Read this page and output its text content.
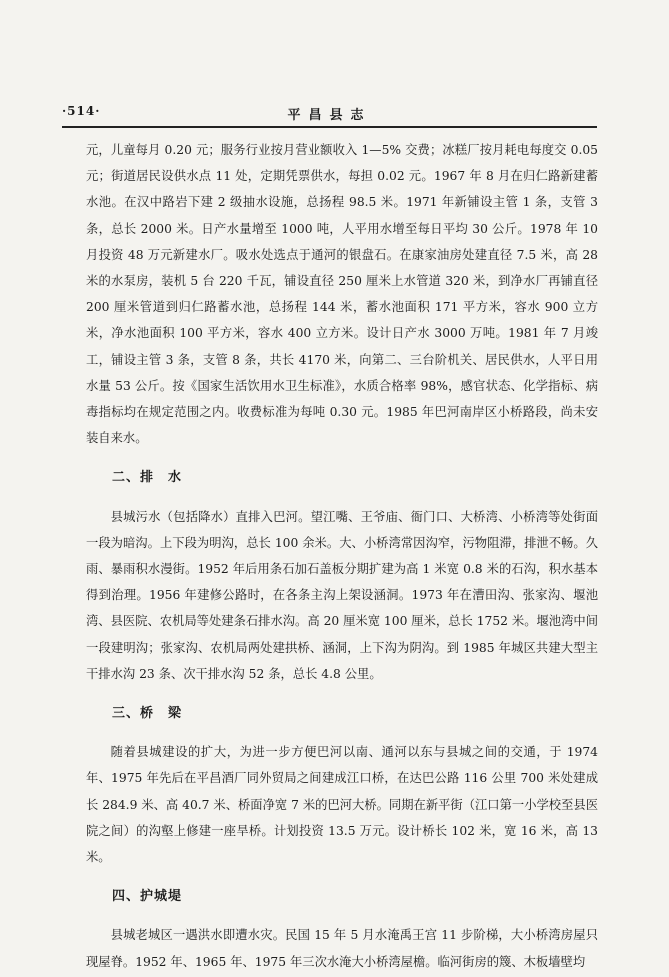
·514·	平昌县志

元，儿童每月 0.20 元；服务行业按月营业额收入 1—5% 交费；冰糕厂按月耗电每度交 0.05 元；街道居民设供水点 11 处，定期凭票供水，每担 0.02 元。1967 年 8 月在归仁路新建蓄水池。在汉中路岩下建 2 级抽水设施，总扬程 98.5 米。1971 年新铺设主管 1 条，支管 3 条，总长 2000 米。日产水量增至 1000 吨，人平用水增至每日平均 30 公斤。1978 年 10 月投资 48 万元新建水厂。吸水处选点于通河的银盘石。在康家油房处建直径 7.5 米，高 28 米的水泵房，装机 5 台 220 千瓦，铺设直径 250 厘米上水管道 320 米，到净水厂再铺直径 200 厘米管道到归仁路蓄水池，总扬程 144 米，蓄水池面积 171 平方米，容水 900 立方米，净水池面积 100 平方米，容水 400 立方米。设计日产水 3000 万吨。1981 年 7 月竣工，铺设主管 3 条，支管 8 条，共长 4170 米，向第二、三台阶机关、居民供水，人平日用水量 53 公斤。按《国家生活饮用水卫生标准》，水质合格率 98%，感官状态、化学指标、病毒指标均在规定范围之内。收费标准为每吨 0.30 元。1985 年巴河南岸区小桥路段，尚未安装自来水。

二、排　水

县城污水（包括降水）直排入巴河。望江嘴、王爷庙、衙门口、大桥湾、小桥湾等处街面一段为暗沟。上下段为明沟，总长 100 余米。大、小桥湾常因沟窄，污物阻滞，排泄不畅。久雨、暴雨积水漫街。1952 年后用条石加石盖板分期扩建为高 1 米宽 0.8 米的石沟，积水基本得到治理。1956 年建修公路时，在各条主沟上架设涵洞。1973 年在漕田沟、张家沟、堰池湾、县医院、农机局等处建条石排水沟。高 20 厘米宽 100 厘米，总长 1752 米。堰池湾中间一段建明沟；张家沟、农机局两处建拱桥、涵洞，上下沟为阴沟。到 1985 年城区共建大型主干排水沟 23 条、次干排水沟 52 条，总长 4.8 公里。

三、桥　梁

随着县城建设的扩大，为进一步方便巴河以南、通河以东与县城之间的交通，于 1974 年、1975 年先后在平昌酒厂同外贸局之间建成江口桥，在达巴公路 116 公里 700 米处建成长 284.9 米、高 40.7 米、桥面净宽 7 米的巴河大桥。同期在新平街（江口第一小学校至县医院之间）的沟壑上修建一座旱桥。计划投资 13.5 万元。设计桥长 102 米，宽 16 米，高 13 米。

四、护城堤

县城老城区一遇洪水即遭水灾。民国 15 年 5 月水淹禹王宫 11 步阶梯，大小桥湾房屋只现屋脊。1952 年、1965 年、1975 年三次水淹大小桥湾屋檐。临河街房的篾、木板墙壁均
